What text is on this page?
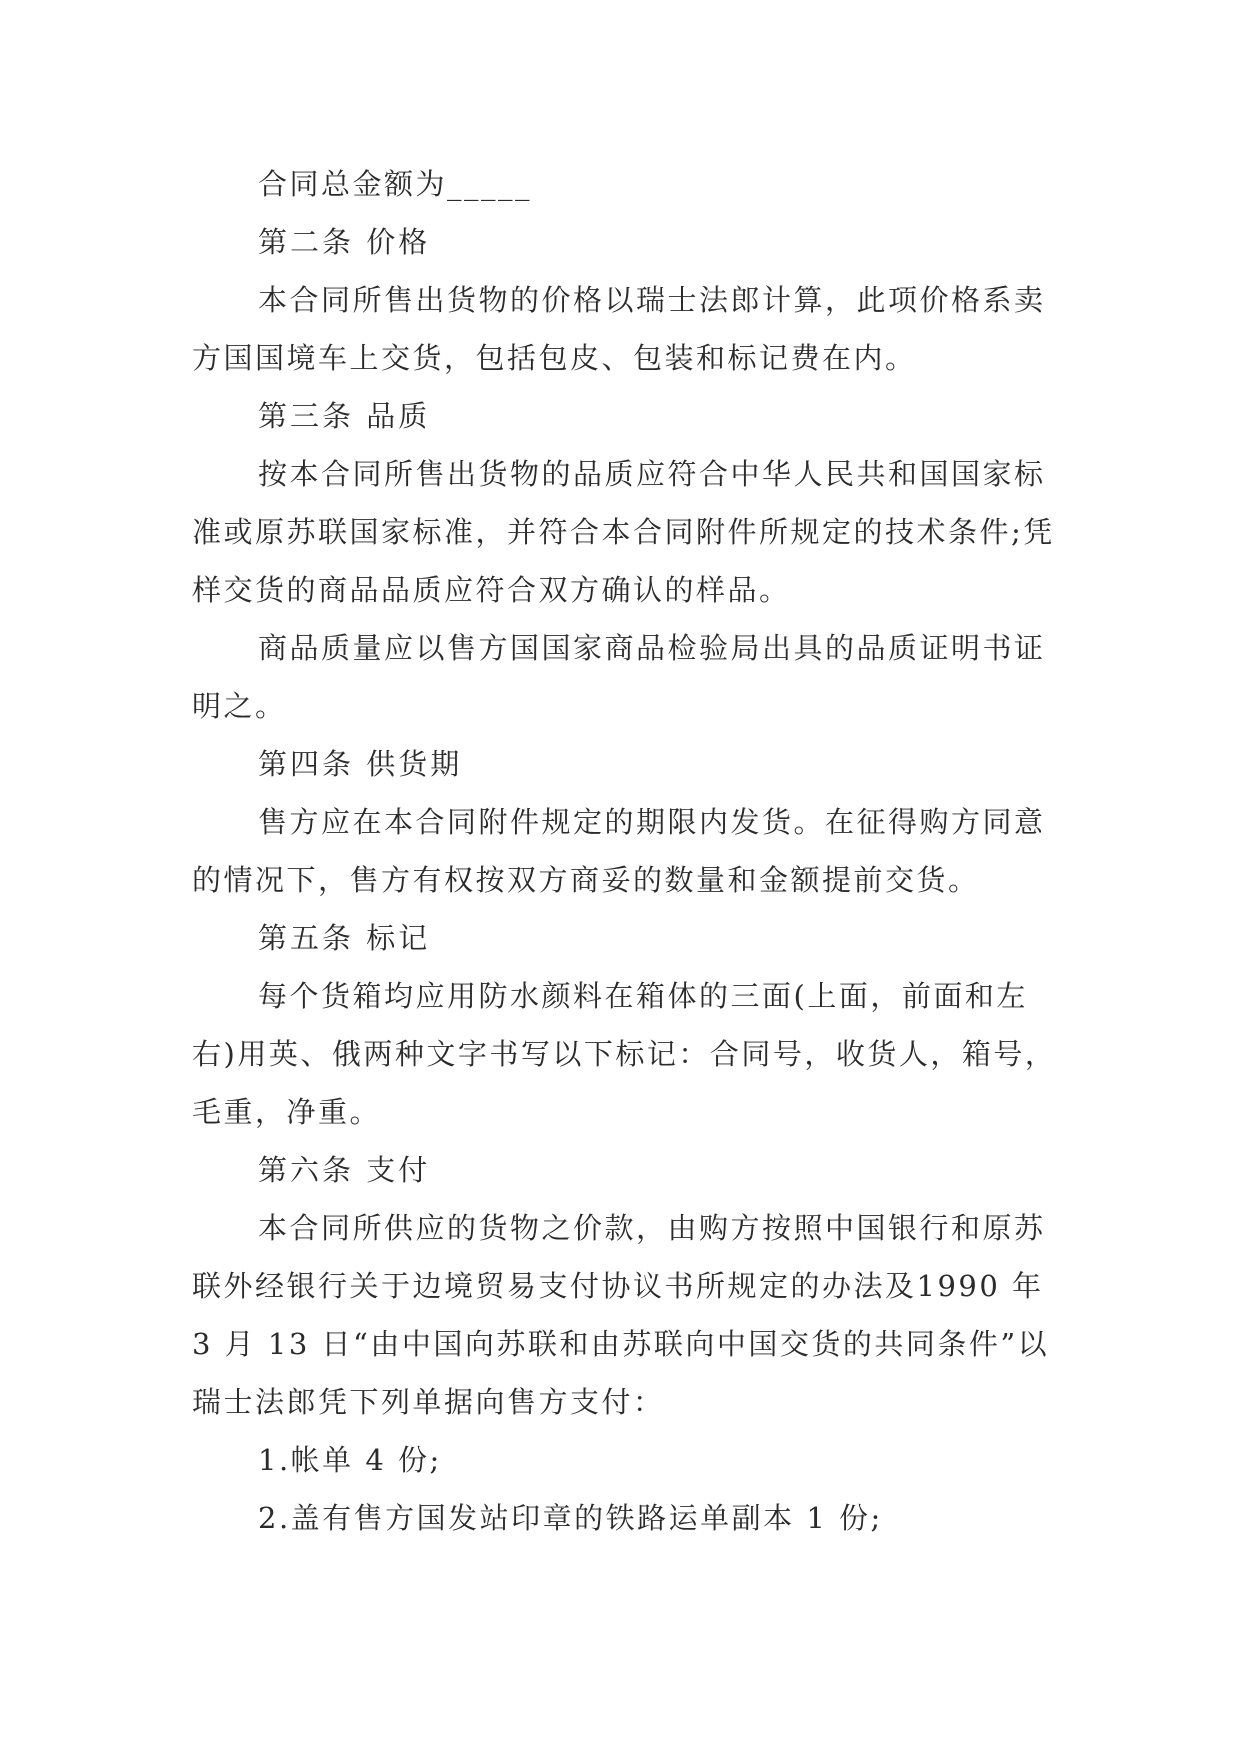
合同总金额为_____

第二条 价格

本合同所售出货物的价格以瑞士法郎计算，此项价格系卖方国国境车上交货，包括包皮、包装和标记费在内。

第三条 品质

按本合同所售出货物的品质应符合中华人民共和国国家标准或原苏联国家标准，并符合本合同附件所规定的技术条件;凭样交货的商品品质应符合双方确认的样品。

商品质量应以售方国国家商品检验局出具的品质证明书证明之。

第四条 供货期

售方应在本合同附件规定的期限内发货。在征得购方同意的情况下，售方有权按双方商妥的数量和金额提前交货。

第五条 标记

每个货箱均应用防水颜料在箱体的三面(上面，前面和左右)用英、俄两种文字书写以下标记：合同号，收货人，箱号，毛重，净重。

第六条 支付

本合同所供应的货物之价款，由购方按照中国银行和原苏联外经银行关于边境贸易支付协议书所规定的办法及1990 年 3 月 13 日“由中国向苏联和由苏联向中国交货的共同条件”以瑞士法郎凭下列单据向售方支付：

1.帐单 4 份;

2.盖有售方国发站印章的铁路运单副本 1 份;
